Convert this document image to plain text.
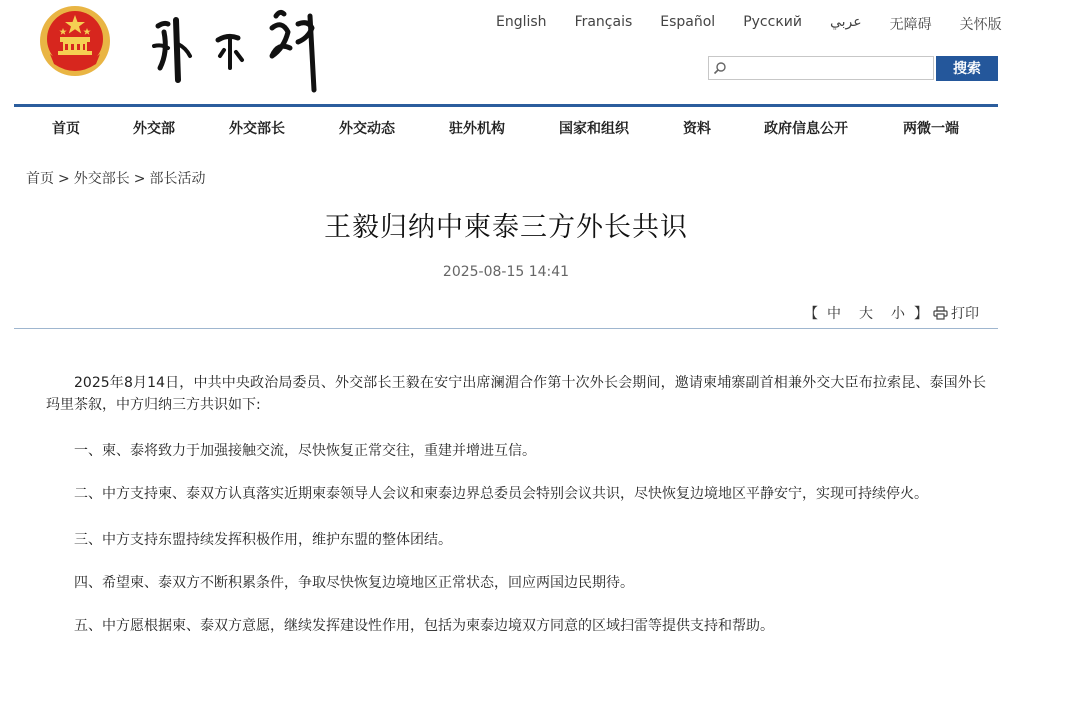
English Français Español Русский عربي 无障碍 关怀版
搜索
首页	外交部	外交部长	外交动态	驻外机构	国家和组织	资料	政府信息公开	两微一端
首页 > 外交部长 > 部长活动
王毅归纳中柬泰三方外长共识
2025-08-15 14:41
【 中 大 小 】	打印

2025年8月14日，中共中央政治局委员、外交部长王毅在安宁出席澜湄合作第十次外长会期间，邀请柬埔寨副首相兼外交大臣布拉索昆、泰国外长玛里茶叙，中方归纳三方共识如下:

一、柬、泰将致力于加强接触交流，尽快恢复正常交往，重建并增进互信。

二、中方支持柬、泰双方认真落实近期柬泰领导人会议和柬泰边界总委员会特别会议共识，尽快恢复边境地区平静安宁，实现可持续停火。

三、中方支持东盟持续发挥积极作用，维护东盟的整体团结。

四、希望柬、泰双方不断积累条件，争取尽快恢复边境地区正常状态，回应两国边民期待。

五、中方愿根据柬、泰双方意愿，继续发挥建设性作用，包括为柬泰边境双方同意的区域扫雷等提供支持和帮助。
